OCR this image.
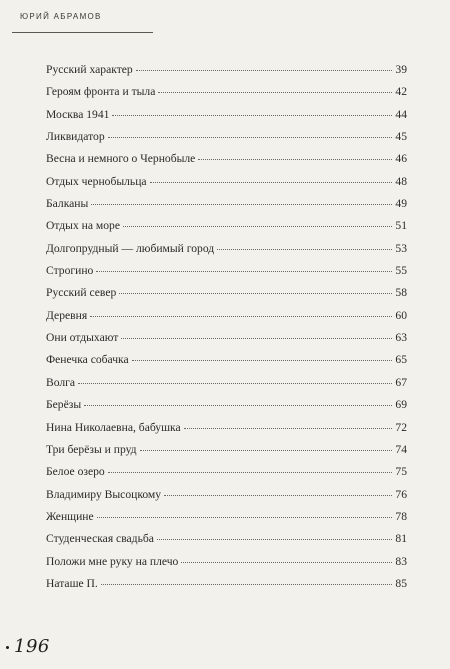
ЮРИЙ АБРАМОВ
Русский характер	39
Героям фронта и тыла	42
Москва 1941	44
Ликвидатор	45
Весна и немного о Чернобыле	46
Отдых чернобыльца	48
Балканы	49
Отдых на море	51
Долгопрудный — любимый город	53
Строгино	55
Русский север	58
Деревня	60
Они отдыхают	63
Фенечка собачка	65
Волга	67
Берёзы	69
Нина Николаевна, бабушка	72
Три берёзы и пруд	74
Белое озеро	75
Владимиру Высоцкому	76
Женщине	78
Студенческая свадьба	81
Положи мне руку на плечо	83
Наташе П.	85
196
